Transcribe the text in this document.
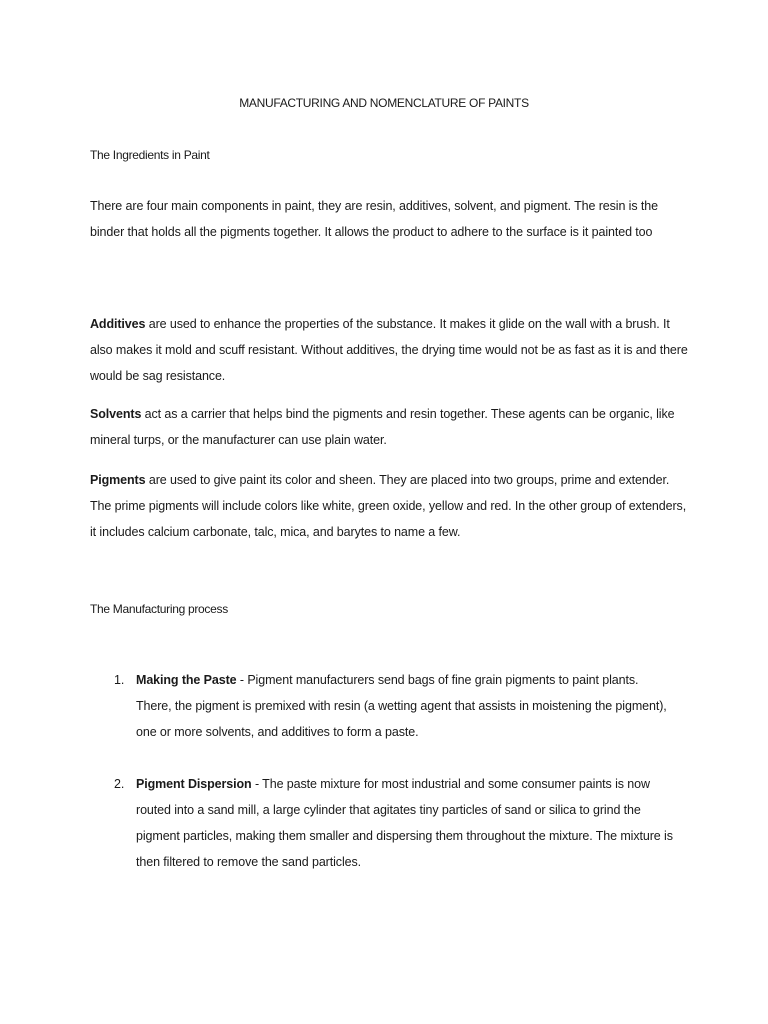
MANUFACTURING AND NOMENCLATURE OF PAINTS
The Ingredients in Paint
There are four main components in paint, they are resin, additives, solvent, and pigment. The resin is the binder that holds all the pigments together. It allows the product to adhere to the surface is it painted too
Additives are used to enhance the properties of the substance. It makes it glide on the wall with a brush. It also makes it mold and scuff resistant. Without additives, the drying time would not be as fast as it is and there would be sag resistance.
Solvents act as a carrier that helps bind the pigments and resin together. These agents can be organic, like mineral turps, or the manufacturer can use plain water.
Pigments are used to give paint its color and sheen. They are placed into two groups, prime and extender. The prime pigments will include colors like white, green oxide, yellow and red. In the other group of extenders, it includes calcium carbonate, talc, mica, and barytes to name a few.
The Manufacturing process
1. Making the Paste - Pigment manufacturers send bags of fine grain pigments to paint plants. There, the pigment is premixed with resin (a wetting agent that assists in moistening the pigment), one or more solvents, and additives to form a paste.
2. Pigment Dispersion - The paste mixture for most industrial and some consumer paints is now routed into a sand mill, a large cylinder that agitates tiny particles of sand or silica to grind the pigment particles, making them smaller and dispersing them throughout the mixture. The mixture is then filtered to remove the sand particles.
